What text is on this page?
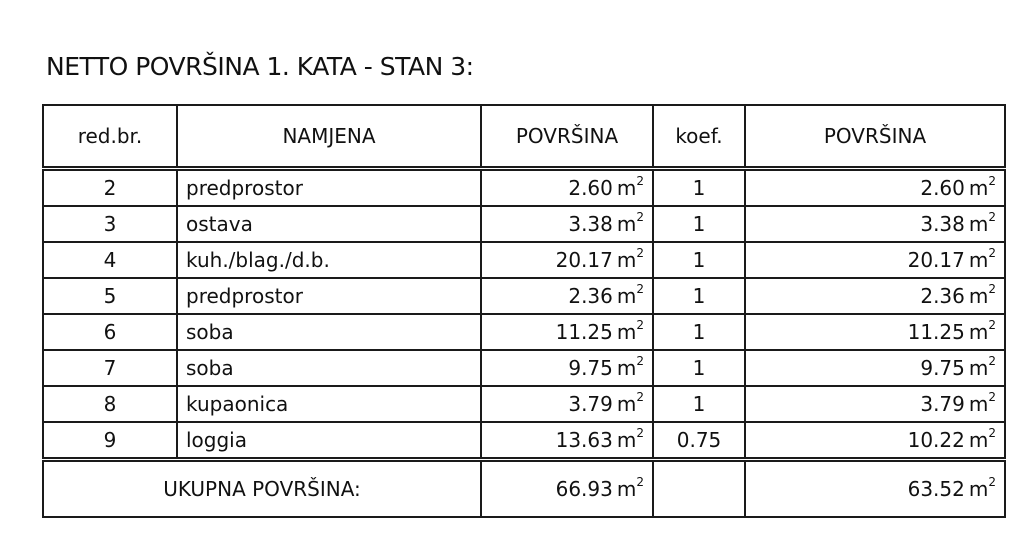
NETTO POVRŠINA 1. KATA - STAN 3:
red.br.	NAMJENA	POVRŠINA	koef.	POVRŠINA
2	predprostor	2.60 $m^2$	1	2.60 $m^2$
3	ostava	3.38 $m^2$	1	3.38 $m^2$
4	kuh./blag./d.b.	20.17 $m^2$	1	20.17 $m^2$
5	predprostor	2.36 $m^2$	1	2.36 $m^2$
6	soba	11.25 $m^2$	1	11.25 $m^2$
7	soba	9.75 $m^2$	1	9.75 $m^2$
8	kupaonica	3.79 $m^2$	1	3.79 $m^2$
9	loggia	13.63 $m^2$	0.75	10.22 $m^2$
UKUPNA POVRŠINA:		66.93 $m^2$		63.52 $m^2$
